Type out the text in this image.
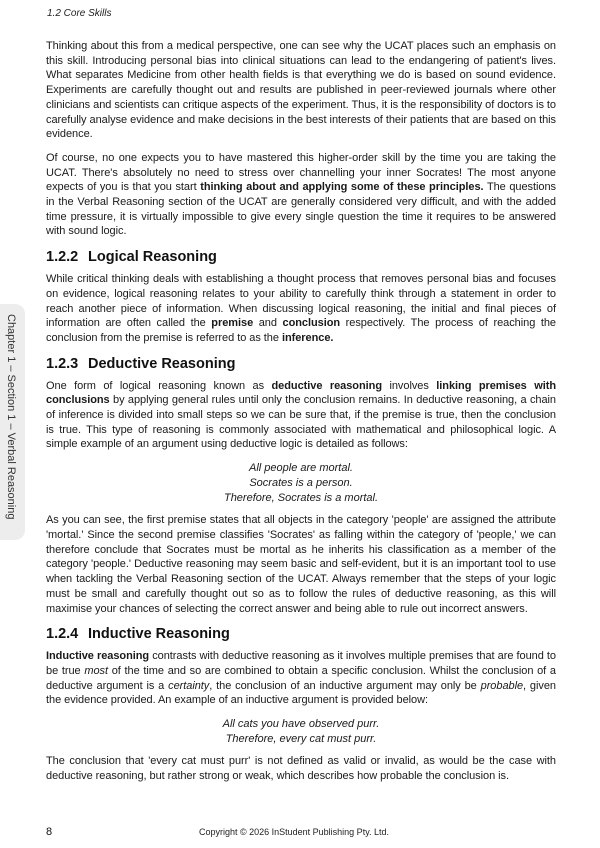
1.2 Core Skills
Chapter 1 – Section 1 – Verbal Reasoning

Thinking about this from a medical perspective, one can see why the UCAT places such an emphasis on this skill. Introducing personal bias into clinical situations can lead to the endangering of patient's lives. What separates Medicine from other health fields is that everything we do is based on sound evidence. Experiments are carefully thought out and results are published in peer-reviewed journals where other clinicians and scientists can critique aspects of the experiment. Thus, it is the responsibility of doctors is to carefully analyse evidence and make decisions in the best interests of their patients that are based on this evidence.

Of course, no one expects you to have mastered this higher-order skill by the time you are taking the UCAT. There's absolutely no need to stress over channelling your inner Socrates! The most anyone expects of you is that you start thinking about and applying some of these principles. The questions in the Verbal Reasoning section of the UCAT are generally considered very difficult, and with the added time pressure, it is virtually impossible to give every single question the time it requires to be answered with sound logic.

1.2.2 Logical Reasoning

While critical thinking deals with establishing a thought process that removes personal bias and focuses on evidence, logical reasoning relates to your ability to carefully think through a statement in order to reach another piece of information. When discussing logical reasoning, the initial and final pieces of information are often called the premise and conclusion respectively. The process of reaching the conclusion from the premise is referred to as the inference.

1.2.3 Deductive Reasoning

One form of logical reasoning known as deductive reasoning involves linking premises with conclusions by applying general rules until only the conclusion remains. In deductive reasoning, a chain of inference is divided into small steps so we can be sure that, if the premise is true, then the conclusion is true. This type of reasoning is commonly associated with mathematical and philosophical logic. A simple example of an argument using deductive logic is detailed as follows:

All people are mortal.
Socrates is a person.
Therefore, Socrates is a mortal.

As you can see, the first premise states that all objects in the category 'people' are assigned the attribute 'mortal.' Since the second premise classifies 'Socrates' as falling within the category of 'people,' we can therefore conclude that Socrates must be mortal as he inherits his classification as a member of the category 'people.' Deductive reasoning may seem basic and self-evident, but it is an important tool to use when tackling the Verbal Reasoning section of the UCAT. Always remember that the steps of your logic must be small and carefully thought out so as to follow the rules of deductive reasoning, as this will maximise your chances of selecting the correct answer and being able to rule out incorrect answers.

1.2.4 Inductive Reasoning

Inductive reasoning contrasts with deductive reasoning as it involves multiple premises that are found to be true most of the time and so are combined to obtain a specific conclusion. Whilst the conclusion of a deductive argument is a certainty, the conclusion of an inductive argument may only be probable, given the evidence provided. An example of an inductive argument is provided below:

All cats you have observed purr.
Therefore, every cat must purr.

The conclusion that 'every cat must purr' is not defined as valid or invalid, as would be the case with deductive reasoning, but rather strong or weak, which describes how probable the conclusion is.

8	Copyright © 2026 InStudent Publishing Pty. Ltd.
